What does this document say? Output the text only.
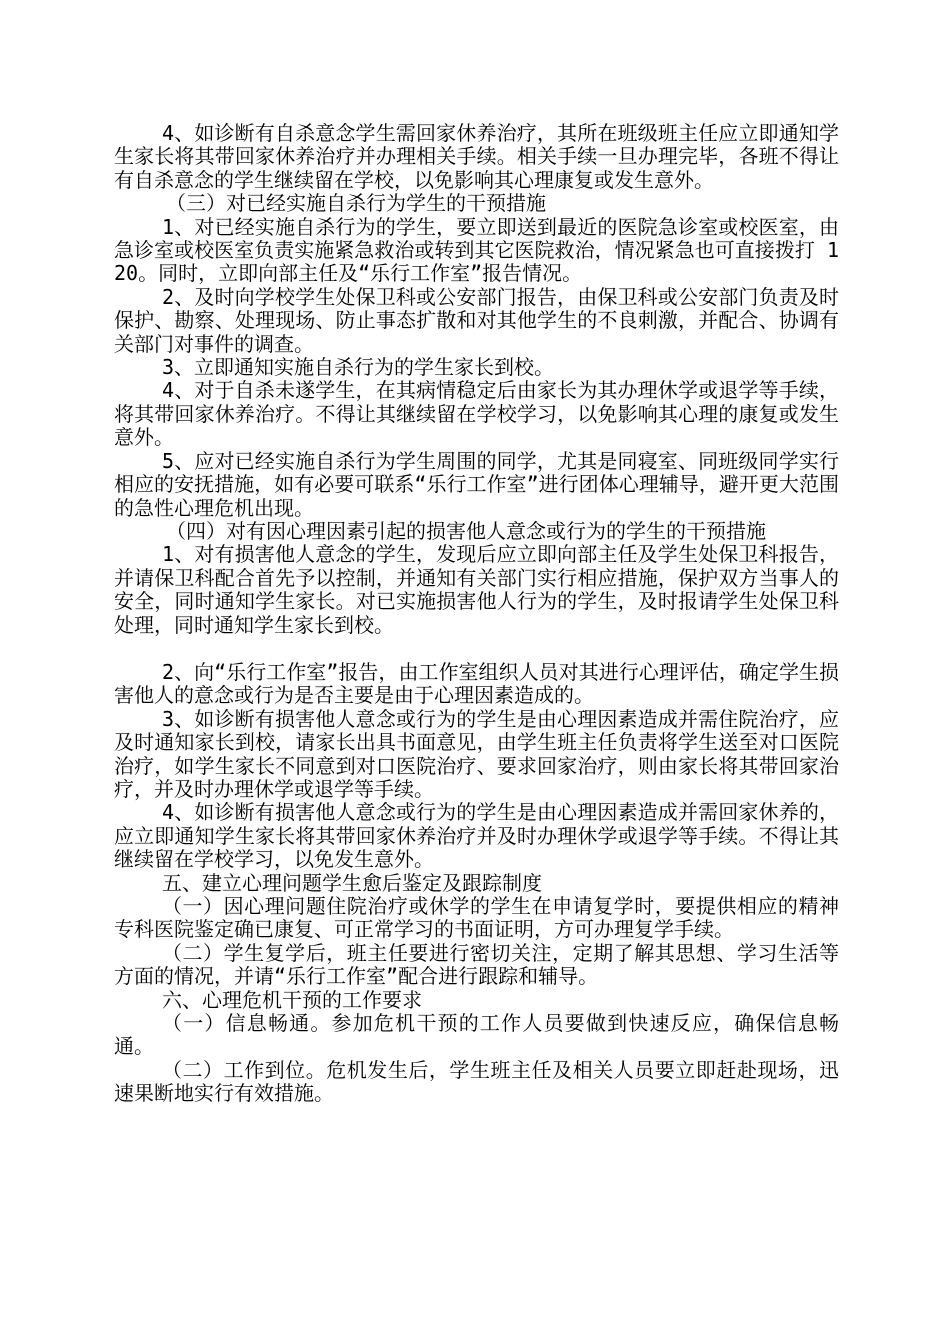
4、如诊断有自杀意念学生需回家休养治疗，其所在班级班主任应立即通知学生家长将其带回家休养治疗并办理相关手续。相关手续一旦办理完毕，各班不得让有自杀意念的学生继续留在学校，以免影响其心理康复或发生意外。

（三）对已经实施自杀行为学生的干预措施

1、对已经实施自杀行为的学生，要立即送到最近的医院急诊室或校医室，由急诊室或校医室负责实施紧急救治或转到其它医院救治，情况紧急也可直接拨打 120。同时，立即向部主任及“乐行工作室”报告情况。

2、及时向学校学生处保卫科或公安部门报告，由保卫科或公安部门负责及时保护、勘察、处理现场、防止事态扩散和对其他学生的不良刺激，并配合、协调有关部门对事件的调查。

3、立即通知实施自杀行为的学生家长到校。

4、对于自杀未遂学生，在其病情稳定后由家长为其办理休学或退学等手续，将其带回家休养治疗。不得让其继续留在学校学习，以免影响其心理的康复或发生意外。

5、应对已经实施自杀行为学生周围的同学，尤其是同寝室、同班级同学实行相应的安抚措施，如有必要可联系“乐行工作室”进行团体心理辅导，避开更大范围的急性心理危机出现。

（四）对有因心理因素引起的损害他人意念或行为的学生的干预措施

1、对有损害他人意念的学生，发现后应立即向部主任及学生处保卫科报告，并请保卫科配合首先予以控制，并通知有关部门实行相应措施，保护双方当事人的安全，同时通知学生家长。对已实施损害他人行为的学生，及时报请学生处保卫科处理，同时通知学生家长到校。

2、向“乐行工作室”报告，由工作室组织人员对其进行心理评估，确定学生损害他人的意念或行为是否主要是由于心理因素造成的。

3、如诊断有损害他人意念或行为的学生是由心理因素造成并需住院治疗，应及时通知家长到校，请家长出具书面意见，由学生班主任负责将学生送至对口医院治疗，如学生家长不同意到对口医院治疗、要求回家治疗，则由家长将其带回家治疗，并及时办理休学或退学等手续。

4、如诊断有损害他人意念或行为的学生是由心理因素造成并需回家休养的，应立即通知学生家长将其带回家休养治疗并及时办理休学或退学等手续。不得让其继续留在学校学习，以免发生意外。

五、建立心理问题学生愈后鉴定及跟踪制度

（一）因心理问题住院治疗或休学的学生在申请复学时，要提供相应的精神专科医院鉴定确已康复、可正常学习的书面证明，方可办理复学手续。

（二）学生复学后，班主任要进行密切关注，定期了解其思想、学习生活等方面的情况，并请“乐行工作室”配合进行跟踪和辅导。

六、心理危机干预的工作要求

（一）信息畅通。参加危机干预的工作人员要做到快速反应，确保信息畅通。

（二）工作到位。危机发生后，学生班主任及相关人员要立即赶赴现场，迅速果断地实行有效措施。
